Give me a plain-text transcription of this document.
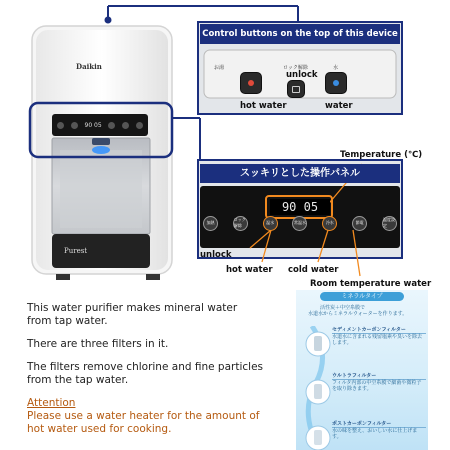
Daikin
Purest
90 05
Control buttons on the top of this device
お湯	ロック解除	水
unlock
hot water	water
Temperature (℃)
スッキリとした操作パネル
90 05
加熱
ロック解除
温水	常温水	冷水	節電
温度設定
unlock
hot water cold water
Room temperature water
This water purifier makes mineral water
from tap water.
There are three filters in it.
The filters remove chlorine and fine particles
from the tap water.
Attention
Please use a water heater for the amount of
hot water used for cooking.
ミネラルタイプ
活性炭＋中空糸膜で
水道水からミネラルウォーターを作ります。
セディメントカーボンフィルター
水道水に含まれる残留塩素や臭いを除去します。
ウルトラフィルター
フィルタ内部の中空糸膜で細菌や微粒子を取り除きます。
ポストカーボンフィルター
水の味を整え、おいしい水に仕上げます。
